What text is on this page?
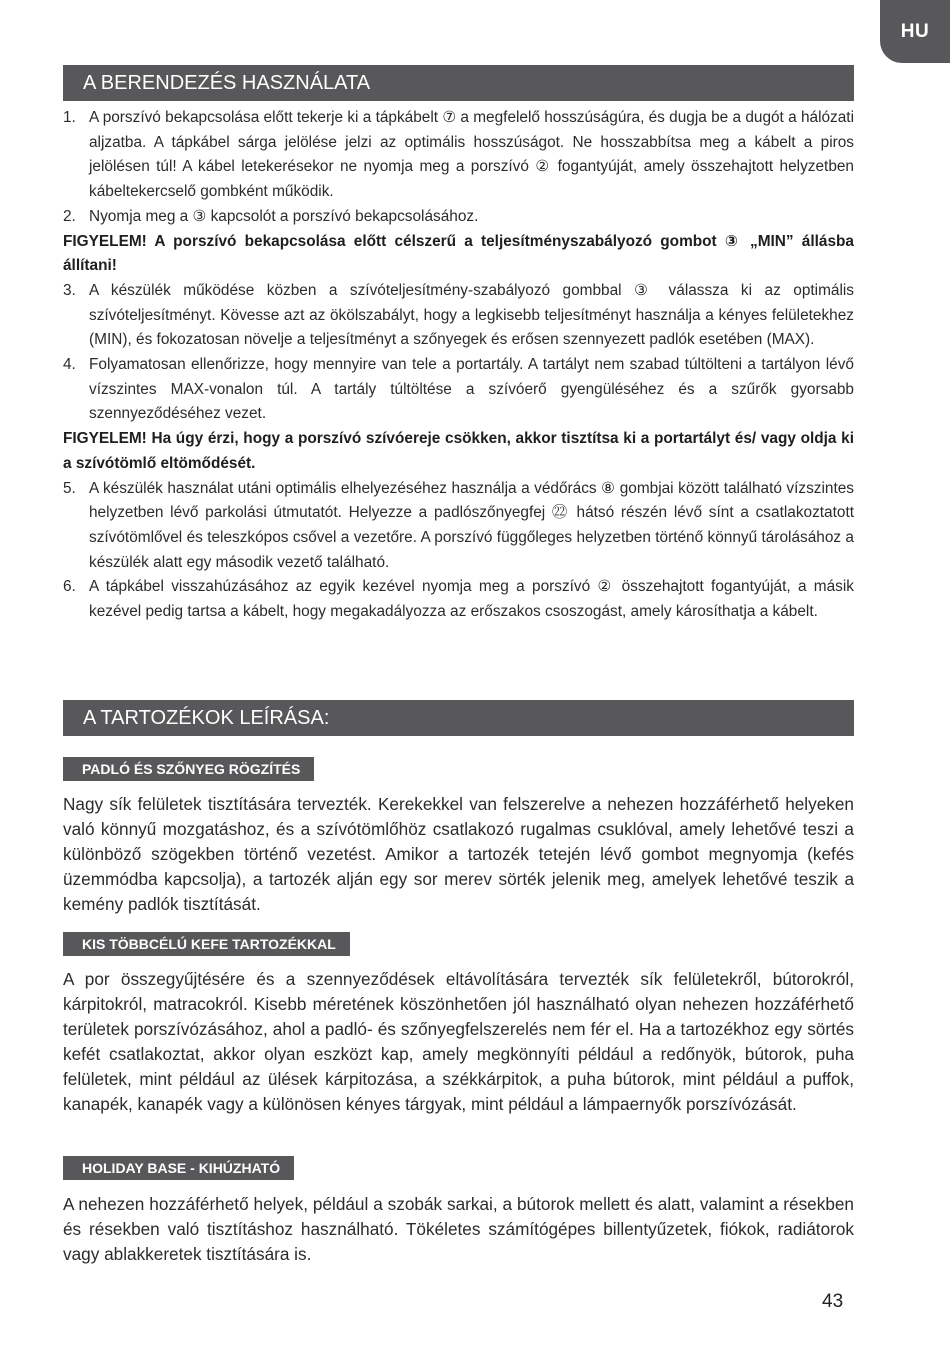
HU
A BERENDEZÉS HASZNÁLATA
1. A porszívó bekapcsolása előtt tekerje ki a tápkábelt ⑦ a megfelelő hosszúságúra, és dugja be a dugót a hálózati aljzatba. A tápkábel sárga jelölése jelzi az optimális hosszúságot. Ne hosszabbítsa meg a kábelt a piros jelölésen túl! A kábel letekerésekor ne nyomja meg a porszívó ② fogantyúját, amely összehajtott helyzetben kábeltekercselő gombként működik.
2. Nyomja meg a ③ kapcsolót a porszívó bekapcsolásához.
FIGYELEM! A porszívó bekapcsolása előtt célszerű a teljesítményszabályozó gombot ③ „MIN” állásba állítani!
3. A készülék működése közben a szívóteljesítmény-szabályozó gombbal ③ válassza ki az optimális szívóteljesítményt. Kövesse azt az ökölszabályt, hogy a legkisebb teljesítményt használja a kényes felületekhez (MIN), és fokozatosan növelje a teljesítményt a szőnyegek és erősen szennyezett padlók esetében (MAX).
4. Folyamatosan ellenőrizze, hogy mennyire van tele a portartály. A tartályt nem szabad túltölteni a tartályon lévő vízszintes MAX-vonalon túl. A tartály túltöltése a szívóerő gyengüléséhez és a szűrők gyorsabb szennyeződéséhez vezet.
FIGYELEM! Ha úgy érzi, hogy a porszívó szívóereje csökken, akkor tisztítsa ki a portartályt és/ vagy oldja ki a szívótömlő eltömődését.
5. A készülék használat utáni optimális elhelyezéséhez használja a védőrács ⑧ gombjai között található vízszintes helyzetben lévő parkolási útmutatót. Helyezze a padlószőnyegfej ㉒ hátsó részén lévő sínt a csatlakoztatott szívótömlővel és teleszkópos csővel a vezetőre. A porszívó függőleges helyzetben történő könnyű tárolásához a készülék alatt egy második vezető található.
6. A tápkábel visszahúzásához az egyik kezével nyomja meg a porszívó ② összehajtott fogantyúját, a másik kezével pedig tartsa a kábelt, hogy megakadályozza az erőszakos csoszogást, amely károsíthatja a kábelt.
A TARTOZÉKOK LEÍRÁSA:
PADLÓ ÉS SZŐNYEG RÖGZÍTÉS
Nagy sík felületek tisztítására tervezték. Kerekekkel van felszerelve a nehezen hozzáférhető helyeken való könnyű mozgatáshoz, és a szívótömlőhöz csatlakozó rugalmas csuklóval, amely lehetővé teszi a különböző szögekben történő vezetést. Amikor a tartozék tetején lévő gombot megnyomja (kefés üzemmódba kapcsolja), a tartozék alján egy sor merev sörték jelenik meg, amelyek lehetővé teszik a kemény padlók tisztítását.
KIS TÖBBCÉLÚ KEFE TARTOZÉKKAL
A por összegyűjtésére és a szennyeződések eltávolítására tervezték sík felületekről, bútorokról, kárpitokról, matracokról. Kisebb méretének köszönhetően jól használható olyan nehezen hozzáférhető területek porszívózásához, ahol a padló- és szőnyegfelszerelés nem fér el. Ha a tartozékhoz egy sörtés kefét csatlakoztat, akkor olyan eszközt kap, amely megkönnyíti például a redőnyök, bútorok, puha felületek, mint például az ülések kárpitozása, a székkárpitok, a puha bútorok, mint például a puffok, kanapék, kanapék vagy a különösen kényes tárgyak, mint például a lámpaernyők porszívózását.
HOLIDAY BASE - KIHÚZHATÓ
A nehezen hozzáférhető helyek, például a szobák sarkai, a bútorok mellett és alatt, valamint a résekben és résekben való tisztításhoz használható. Tökéletes számítógépes billentyűzetek, fiókok, radiátorok vagy ablakkeretek tisztítására is.
43
